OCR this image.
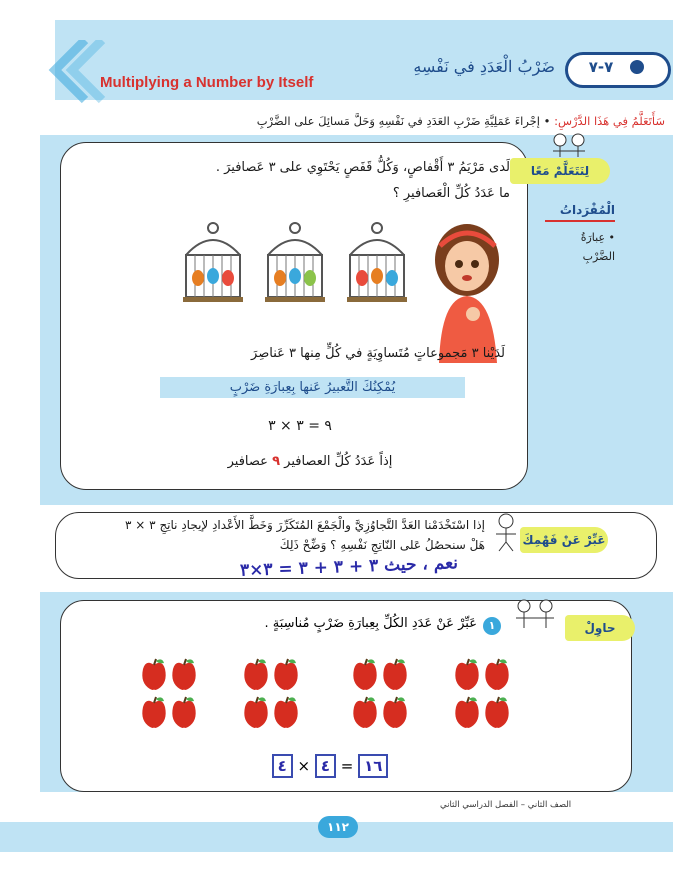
٧-٧
ضَرْبُ الْعَدَدِ في نَفْسِهِ
Multiplying a Number by Itself
سَأَتَعَلَّمُ فِي هَذَا الدَّرْسِ: • إجْراءَ عَمَلِيَّةِ ضَرْبِ العَدَدِ في نَفْسِهِ وَحَلَّ مَسائِلَ على الضَّرْبِ
لِنَتَعَلَّمْ مَعًا
الْمُفْرَداتُ
• عِبارَةُ
الضَّرْبِ
لَدى مَرْيَمُ ٣ أَقْفاصٍ، وَكُلُّ قَفَصٍ يَحْتَوِي على ٣ عَصافيرَ .
ما عَدَدُ كُلِّ الْعَصافيرِ ؟
لَدَيْنا ٣ مَجموعاتٍ مُتَساوِيَةٍ في كُلٍّ مِنها ٣ عَناصِرَ
يُمْكِنُكَ التَّعبيرُ عَنها بِعِبارَةِ ضَرْبٍ
٩ = ٣ × ٣
إذاً عَدَدُ كُلِّ العصافير ٩ عصافير
عَبِّرْ عَنْ فَهْمِكَ
إذا اسْتَخْدَمْنا العَدَّ التَّجاوُزِيَّ والْجَمْعَ المُتَكَرِّرَ وَخَطَّ الأَعْدادِ لإيجادِ ناتِجِ ٣ × ٣
هَلْ سنحصُلُ عَلى النّاتِجِ نَفْسِهِ ؟ وَضِّحْ ذَلِكَ
نعم ، حيث ٣ + ٣ + ٣ = ٣×٣
حاوِلْ
١
عَبِّرْ عَنْ عَدَدِ الكُلِّ بِعِبارَةِ ضَرْبٍ مُناسِبَةٍ .
١٦ = ٤ × ٤
الصف الثاني – الفصل الدراسي الثاني
١١٢
